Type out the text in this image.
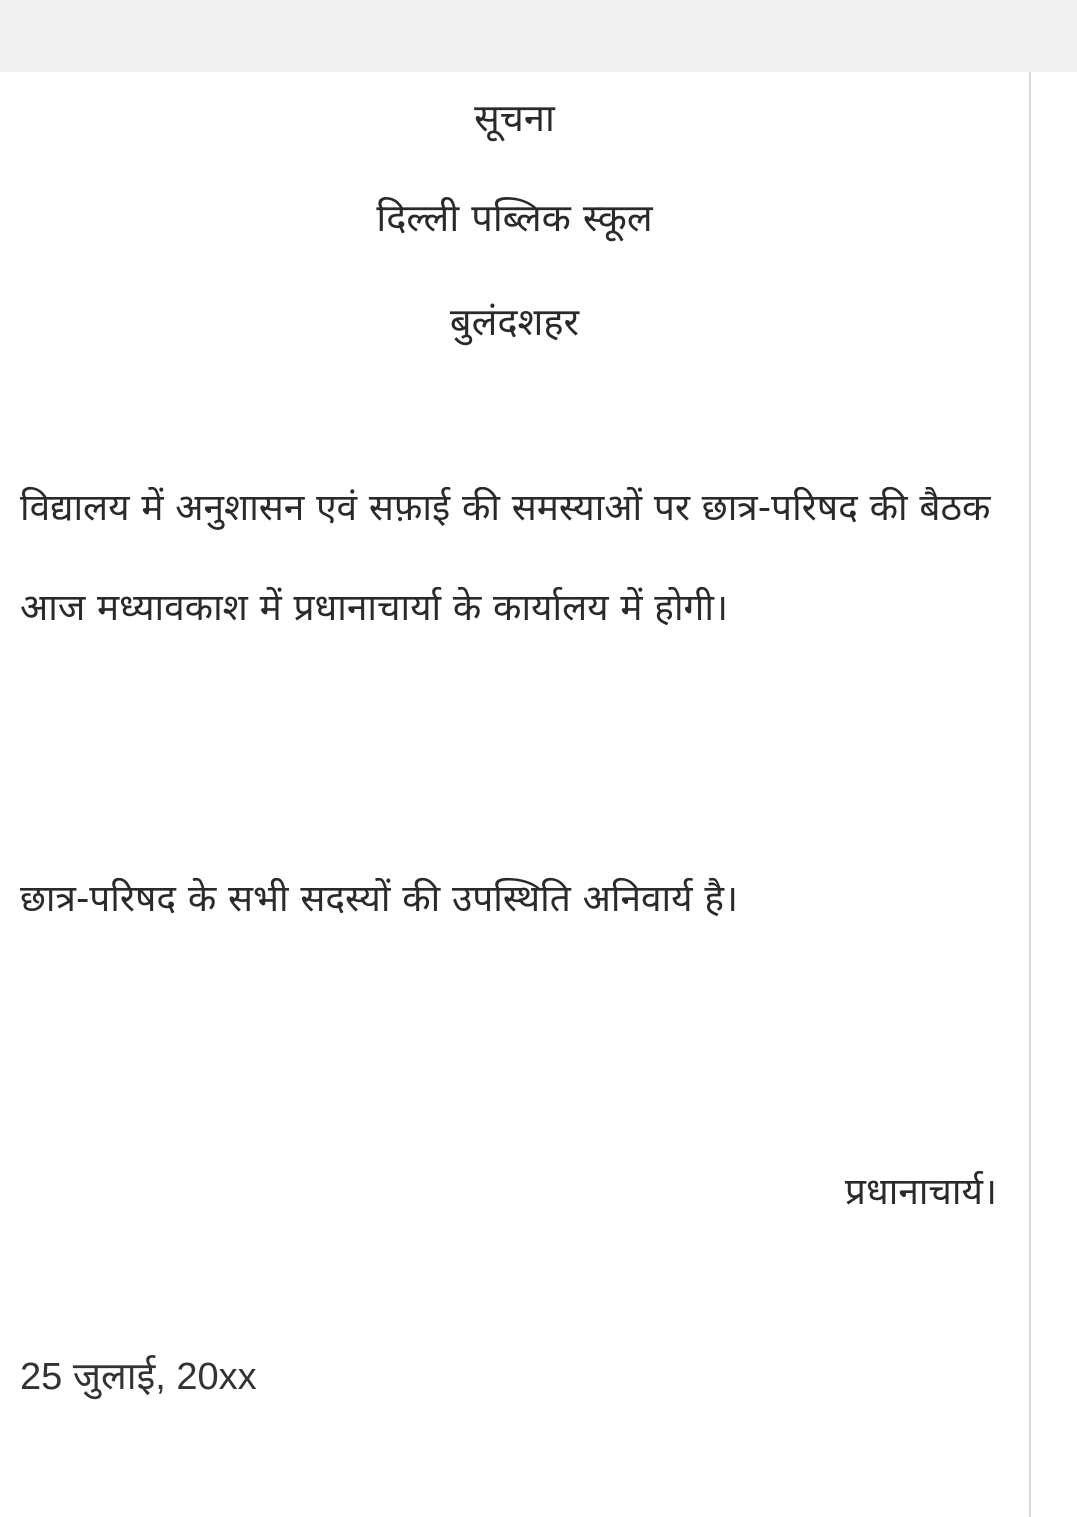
सूचना
दिल्ली पब्लिक स्कूल
बुलंदशहर

विद्यालय में अनुशासन एवं सफ़ाई की समस्याओं पर छात्र-परिषद की बैठक आज मध्यावकाश में प्रधानाचार्या के कार्यालय में होगी।

छात्र-परिषद के सभी सदस्यों की उपस्थिति अनिवार्य है।

प्रधानाचार्य।

25 जुलाई, 20xx
